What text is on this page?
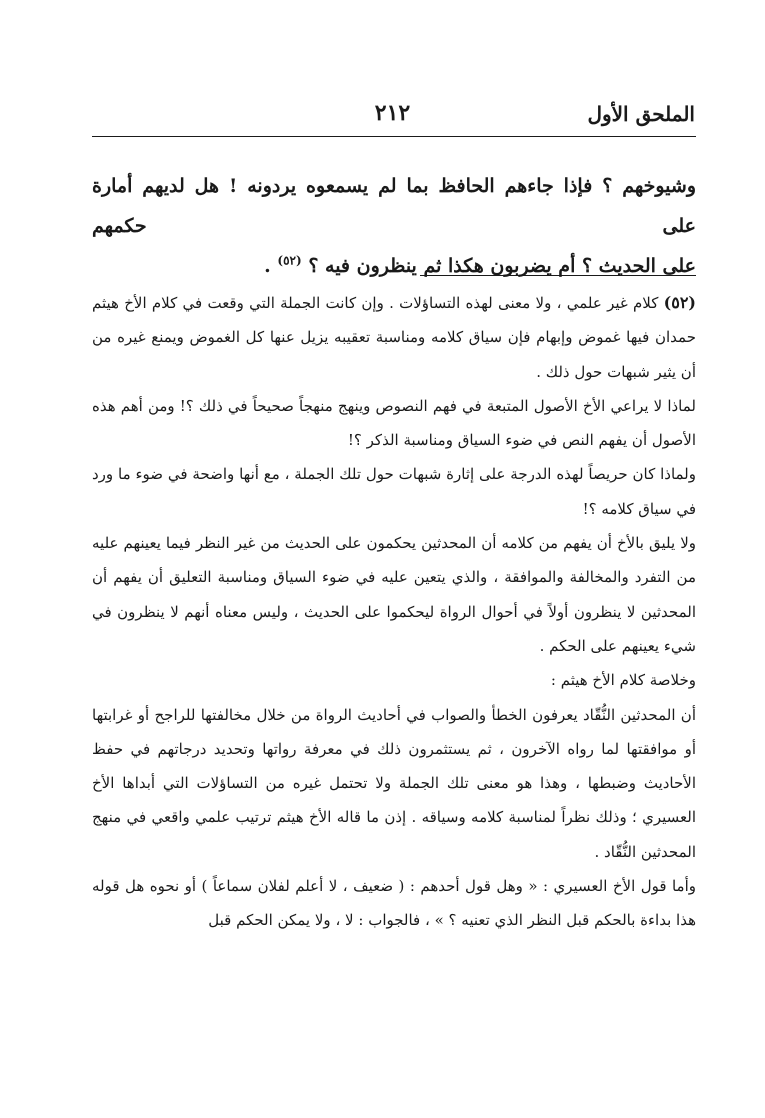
الملحق الأول
٢١٢

وشيوخهم ؟ فإذا جاءهم الحافظ بما لم يسمعوه يردونه ! هل لديهم أمارة على حكمهم

على الحديث ؟ أم يضربون هكذا ثم ينظرون فيه ؟ $^{(٥٢)}$ .

(٥٢) كلام غير علمي ، ولا معنى لهذه التساؤلات . وإن كانت الجملة التي وقعت في كلام الأخ هيثم حمدان فيها غموض وإبهام فإن سياق كلامه ومناسبة تعقيبه يزيل عنها كل الغموض ويمنع غيره من أن يثير شبهات حول ذلك .

لماذا لا يراعي الأخ الأصول المتبعة في فهم النصوص وينهج منهجاً صحيحاً في ذلك ؟! ومن أهم هذه الأصول أن يفهم النص في ضوء السياق ومناسبة الذكر ؟!

ولماذا كان حريصاً لهذه الدرجة على إثارة شبهات حول تلك الجملة ، مع أنها واضحة في ضوء ما ورد في سياق كلامه ؟!

ولا يليق بالأخ أن يفهم من كلامه أن المحدثين يحكمون على الحديث من غير النظر فيما يعينهم عليه من التفرد والمخالفة والموافقة ، والذي يتعين عليه في ضوء السياق ومناسبة التعليق أن يفهم أن المحدثين لا ينظرون أولاً في أحوال الرواة ليحكموا على الحديث ، وليس معناه أنهم لا ينظرون في شيء يعينهم على الحكم .

وخلاصة كلام الأخ هيثم :

أن المحدثين النُّقّاد يعرفون الخطأ والصواب في أحاديث الرواة من خلال مخالفتها للراجح أو غرابتها أو موافقتها لما رواه الآخرون ، ثم يستثمرون ذلك في معرفة رواتها وتحديد درجاتهم في حفظ الأحاديث وضبطها ، وهذا هو معنى تلك الجملة ولا تحتمل غيره من التساؤلات التي أبداها الأخ العسيري ؛ وذلك نظراً لمناسبة كلامه وسياقه . إذن ما قاله الأخ هيثم ترتيب علمي واقعي في منهج المحدثين النُّقّاد .

وأما قول الأخ العسيري : « وهل قول أحدهم : ( ضعيف ، لا أعلم لفلان سماعاً ) أو نحوه هل قوله هذا بداءة بالحكم قبل النظر الذي تعنيه ؟ » ، فالجواب : لا ، ولا يمكن الحكم قبل
